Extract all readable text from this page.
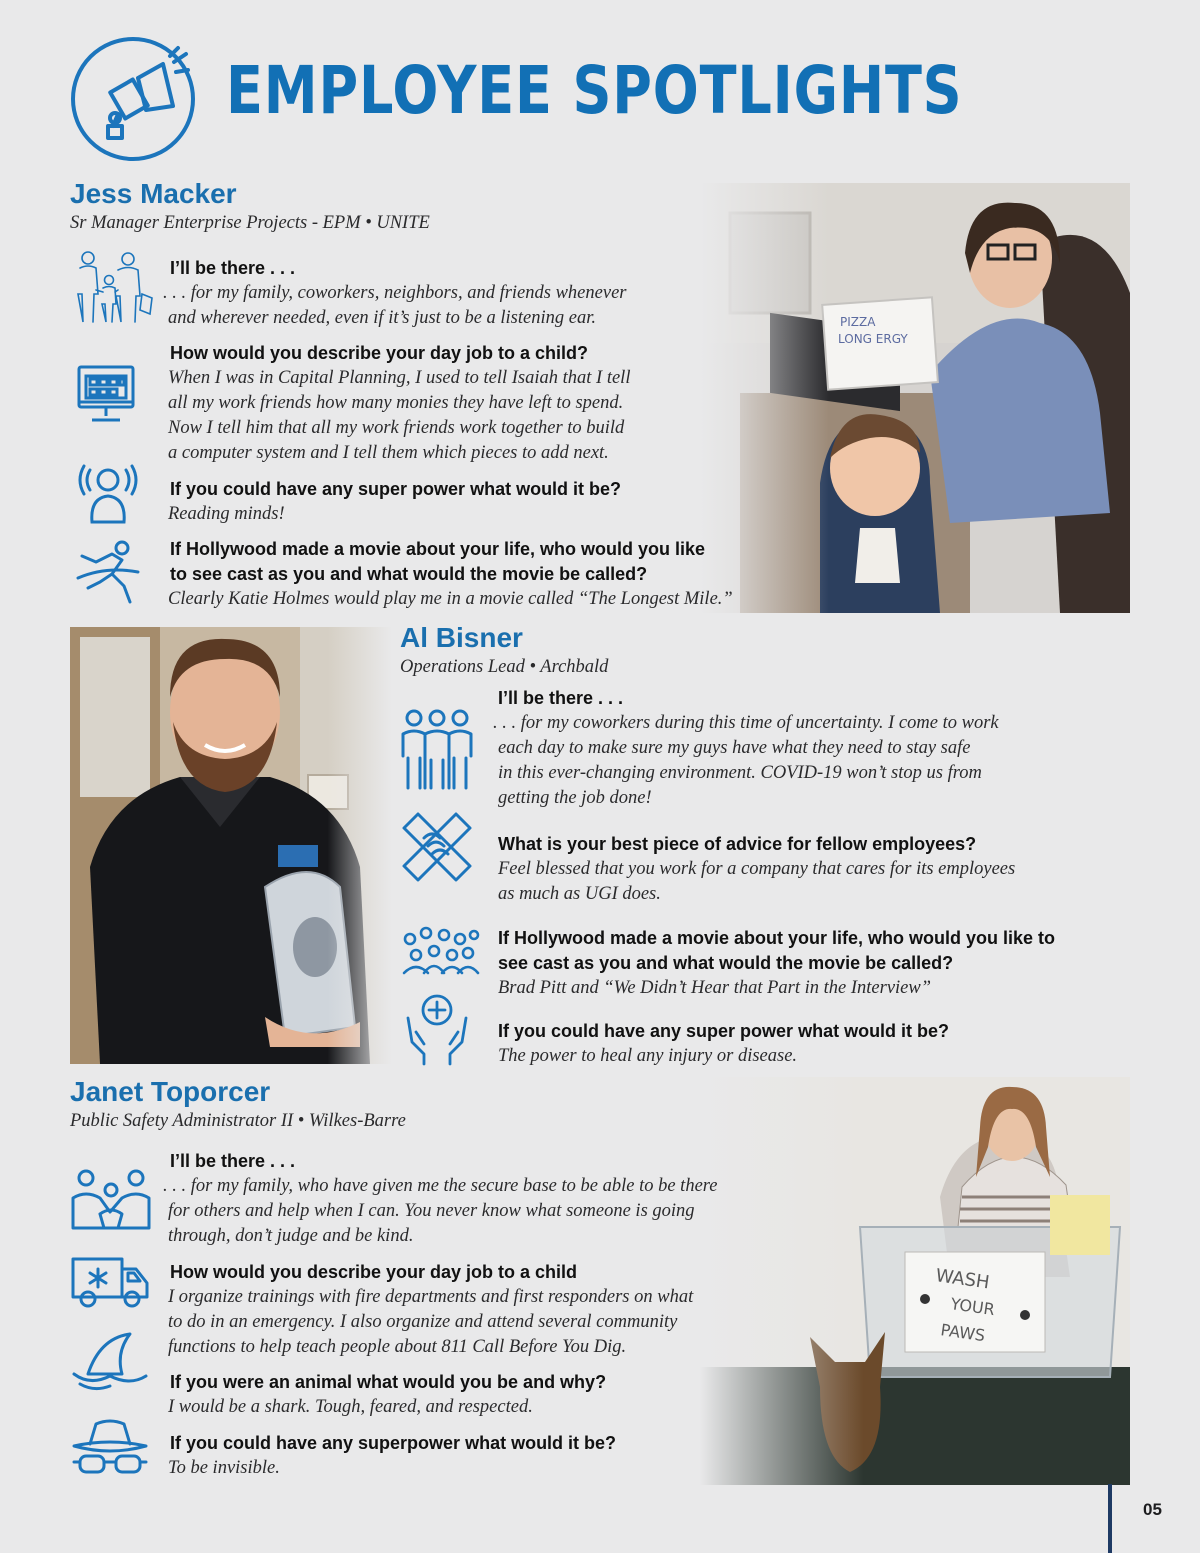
EMPLOYEE SPOTLIGHTS
Jess Macker
Sr Manager Enterprise Projects - EPM • UNITE
I’ll be there . . .
. . . for my family, coworkers, neighbors, and friends whenever
and wherever needed, even if it’s just to be a listening ear.
How would you describe your day job to a child?
When I was in Capital Planning, I used to tell Isaiah that I tell
all my work friends how many monies they have left to spend.
Now I tell him that all my work friends work together to build
a computer system and I tell them which pieces to add next.
If you could have any super power what would it be?
Reading minds!
If Hollywood made a movie about your life, who would you like
to see cast as you and what would the movie be called?
Clearly Katie Holmes would play me in a movie called “The Longest Mile.”
Al Bisner
Operations Lead • Archbald
I’ll be there . . .
. . . for my coworkers during this time of uncertainty. I come to work
each day to make sure my guys have what they need to stay safe
in this ever-changing environment. COVID-19 won’t stop us from
getting the job done!
What is your best piece of advice for fellow employees?
Feel blessed that you work for a company that cares for its employees
as much as UGI does.
If Hollywood made a movie about your life, who would you like to
see cast as you and what would the movie be called?
Brad Pitt and “We Didn’t Hear that Part in the Interview”
If you could have any super power what would it be?
The power to heal any injury or disease.
Janet Toporcer
Public Safety Administrator II • Wilkes-Barre
I’ll be there . . .
. . . for my family, who have given me the secure base to be able to be there
for others and help when I can. You never know what someone is going
through, don’t judge and be kind.
How would you describe your day job to a child
I organize trainings with fire departments and first responders on what
to do in an emergency. I also organize and attend several community
functions to help teach people about 811 Call Before You Dig.
If you were an animal what would you be and why?
I would be a shark. Tough, feared, and respected.
If you could have any superpower what would it be?
To be invisible.
05
